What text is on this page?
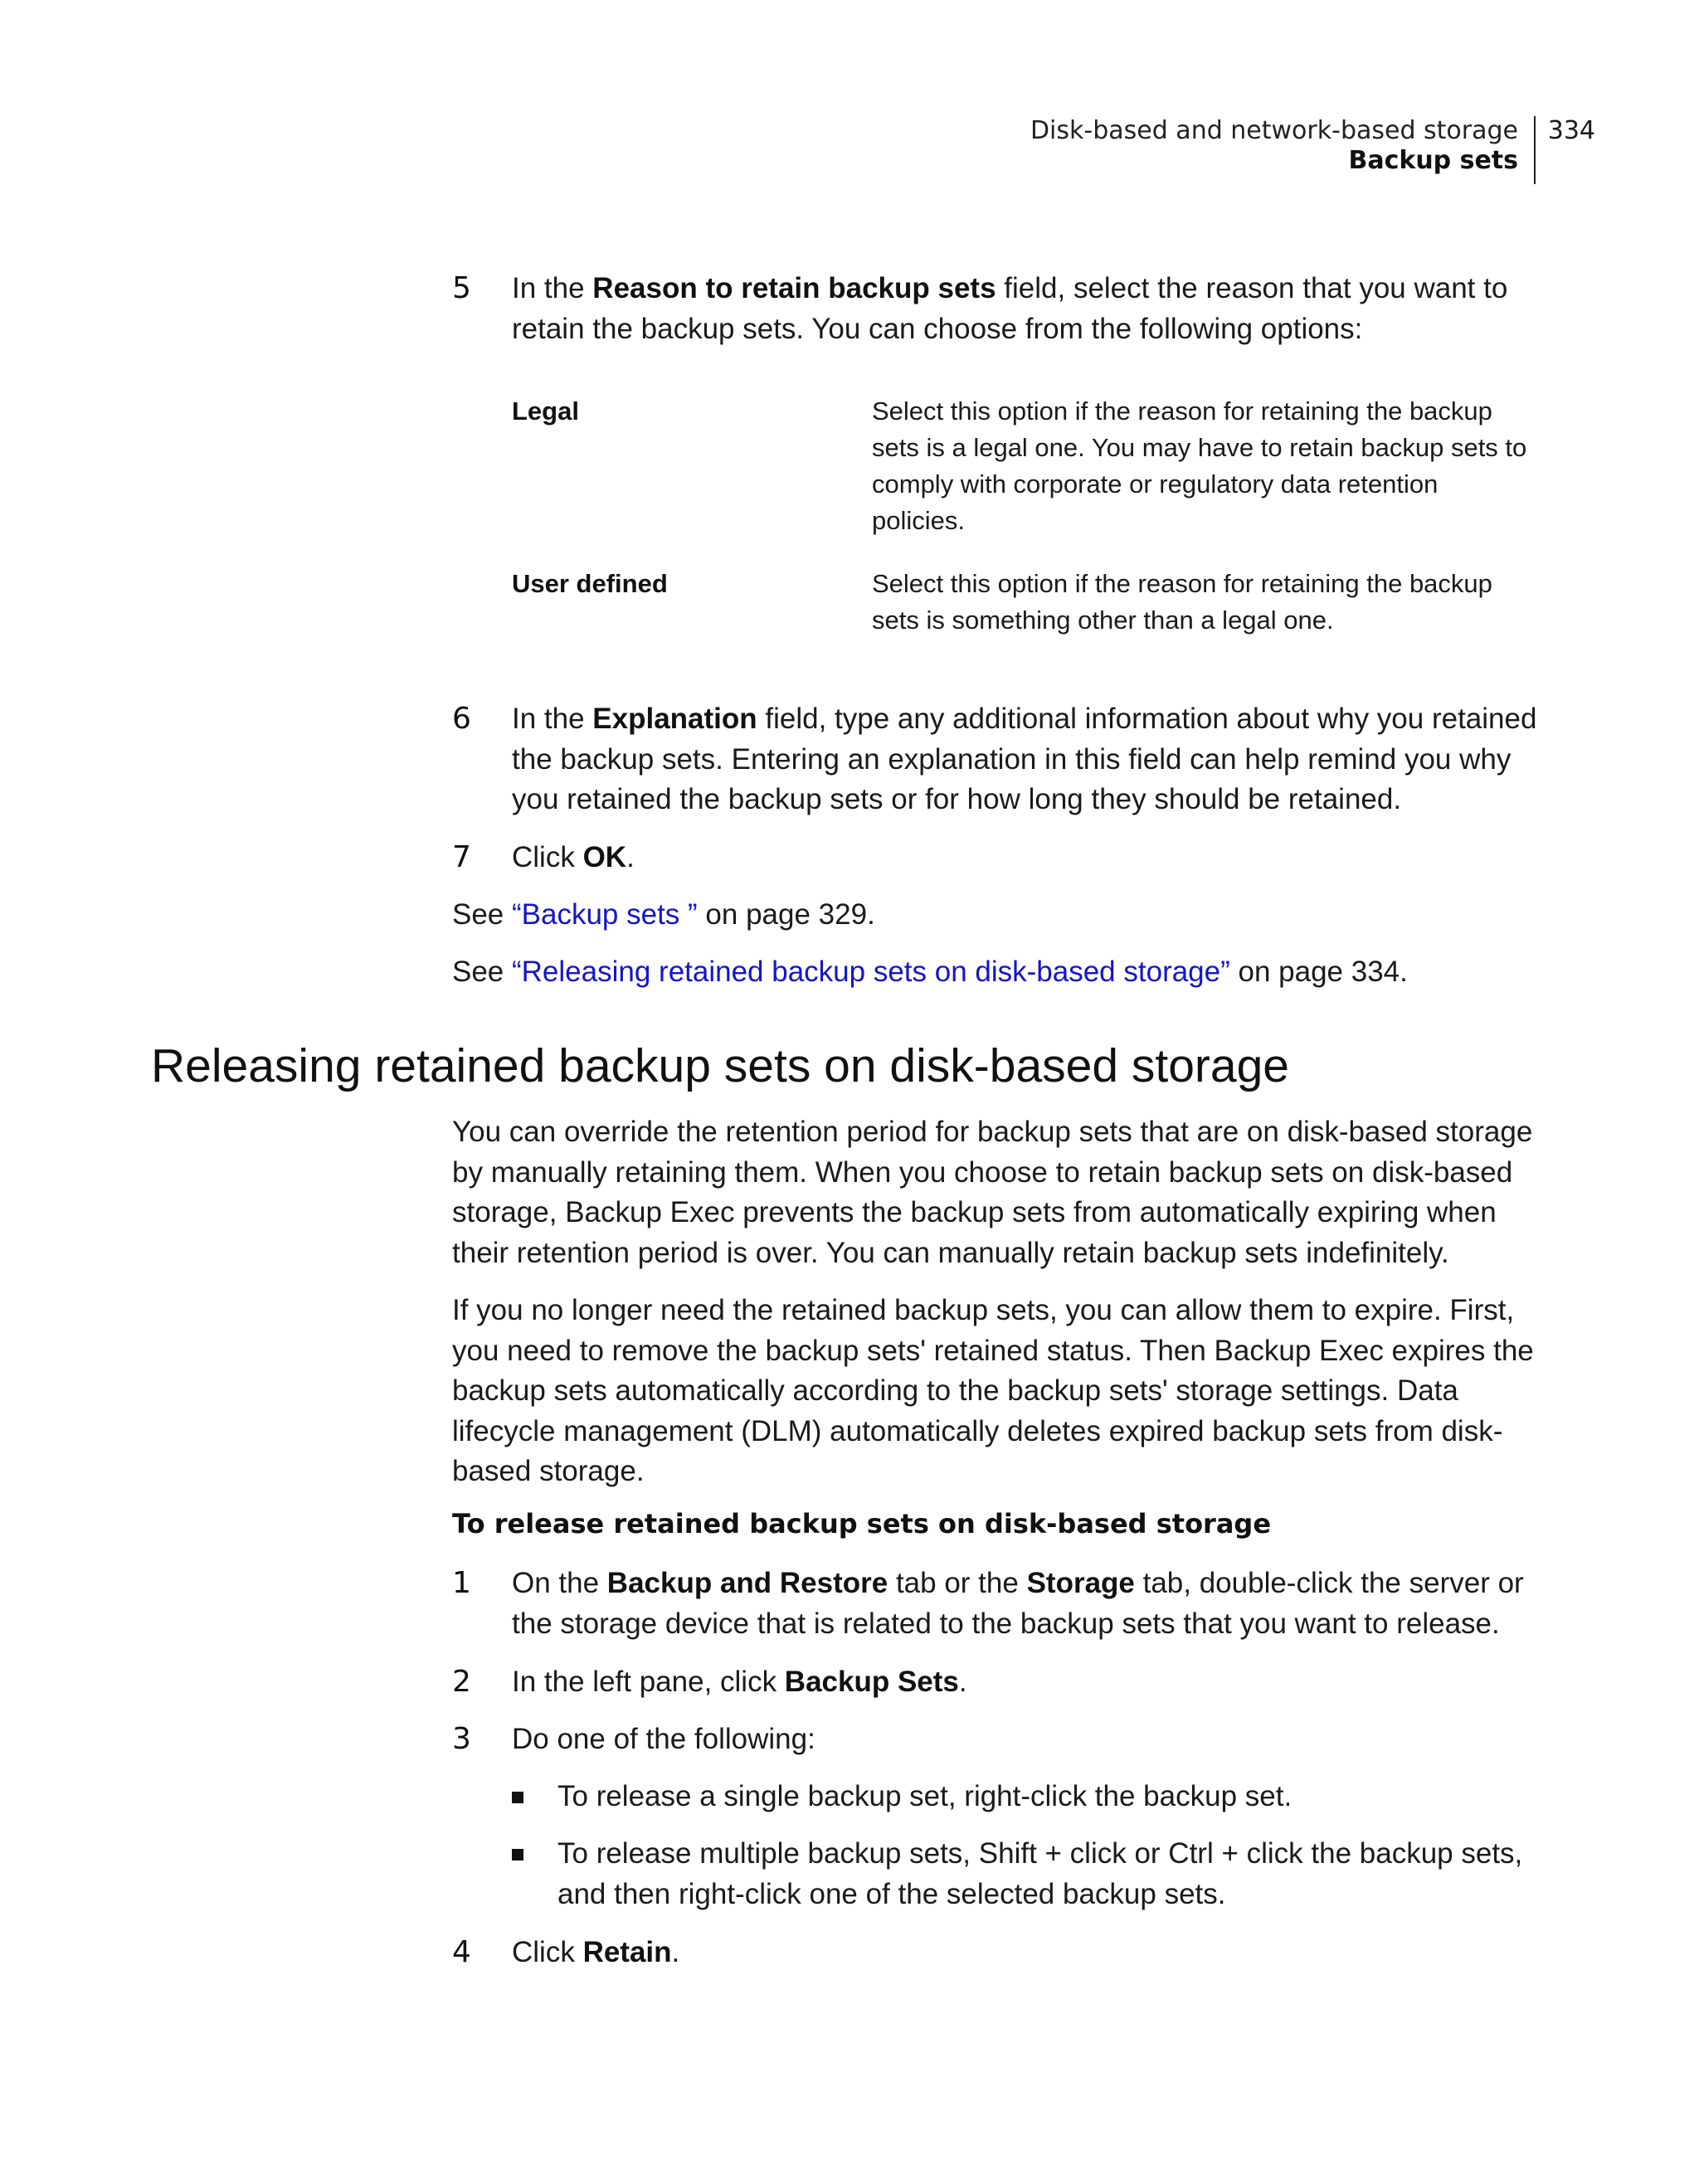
Disk-based and network-based storage
Backup sets
334
5	In the Reason to retain backup sets field, select the reason that you want to retain the backup sets. You can choose from the following options:
Legal	Select this option if the reason for retaining the backup sets is a legal one. You may have to retain backup sets to comply with corporate or regulatory data retention policies.
User defined	Select this option if the reason for retaining the backup sets is something other than a legal one.
6	In the Explanation field, type any additional information about why you retained the backup sets. Entering an explanation in this field can help remind you why you retained the backup sets or for how long they should be retained.
7	Click OK.
See “Backup sets ” on page 329.
See “Releasing retained backup sets on disk-based storage” on page 334.
Releasing retained backup sets on disk-based storage
You can override the retention period for backup sets that are on disk-based storage by manually retaining them. When you choose to retain backup sets on disk-based storage, Backup Exec prevents the backup sets from automatically expiring when their retention period is over. You can manually retain backup sets indefinitely.
If you no longer need the retained backup sets, you can allow them to expire. First, you need to remove the backup sets' retained status. Then Backup Exec expires the backup sets automatically according to the backup sets' storage settings. Data lifecycle management (DLM) automatically deletes expired backup sets from disk-based storage.
To release retained backup sets on disk-based storage
1	On the Backup and Restore tab or the Storage tab, double-click the server or the storage device that is related to the backup sets that you want to release.
2	In the left pane, click Backup Sets.
3	Do one of the following:
To release a single backup set, right-click the backup set.
To release multiple backup sets, Shift + click or Ctrl + click the backup sets, and then right-click one of the selected backup sets.
4	Click Retain.
